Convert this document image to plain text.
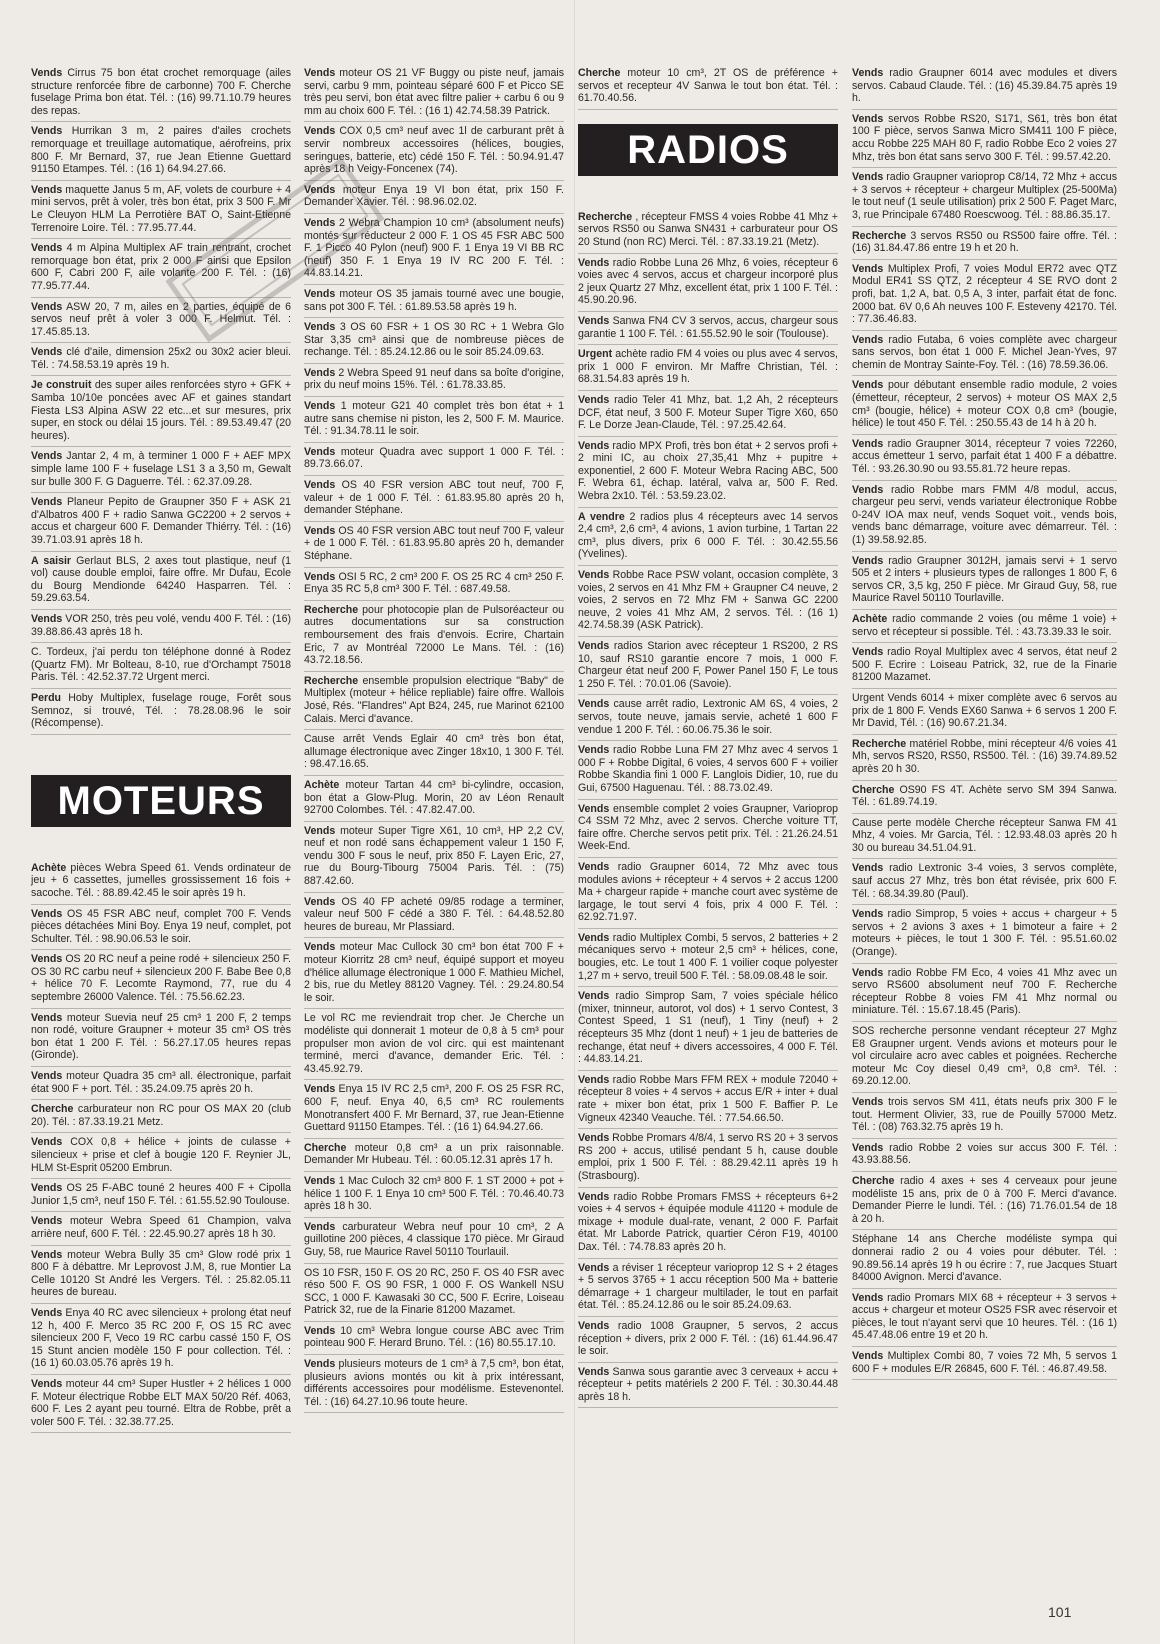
Vends Cirrus 75 bon état crochet remorquage (ailes structure renforcée fibre de carbonne) 700 F. Cherche fuselage Prima bon état. Tél. : (16) 99.71.10.79 heures des repas.
Vends Hurrikan 3 m, 2 paires d'ailes crochets remorquage et treuillage automatique, aérofreins, prix 800 F. Mr Bernard, 37, rue Jean Etienne Guettard 91150 Etampes. Tél. : (16 1) 64.94.27.66.
Vends maquette Janus 5 m, AF, volets de courbure + 4 mini servos, prêt à voler, très bon état, prix 3 500 F. Mr Le Cleuyon HLM La Perrotière BAT O, Saint-Etienne Terrenoire Loire. Tél. : 77.95.77.44.
Vends 4 m Alpina Multiplex AF train rentrant, crochet remorquage bon état, prix 2 000 F ainsi que Epsilon 600 F, Cabri 200 F, aile volante 200 F. Tél. : (16) 77.95.77.44.
Vends ASW 20, 7 m, ailes en 2 parties, équipé de 6 servos neuf prêt à voler 3 000 F. Helmut. Tél. : 17.45.85.13.
Vends clé d'aile, dimension 25x2 ou 30x2 acier bleui. Tél. : 74.58.53.19 après 19 h.
Je construit des super ailes renforcées styro + GFK + Samba 10/10e poncées avec AF et gaines standart Fiesta LS3 Alpina ASW 22 etc...et sur mesures, prix super, en stock ou délai 15 jours. Tél. : 89.53.49.47 (20 heures).
Vends Jantar 2, 4 m, à terminer 1 000 F + AEF MPX simple lame 100 F + fuselage LS1 3 a 3,50 m, Gewalt sur bulle 300 F. G Daguerre. Tél. : 62.37.09.28.
Vends Planeur Pepito de Graupner 350 F + ASK 21 d'Albatros 400 F + radio Sanwa GC2200 + 2 servos + accus et chargeur 600 F. Demander Thiérry. Tél. : (16) 39.71.03.91 après 18 h.
A saisir Gerlaut BLS, 2 axes tout plastique, neuf (1 vol) cause double emploi, faire offre. Mr Dufau, Ecole du Bourg Mendionde 64240 Hasparren. Tél. : 59.29.63.54.
Vends VOR 250, très peu volé, vendu 400 F. Tél. : (16) 39.88.86.43 après 18 h.
C. Tordeux, j'ai perdu ton téléphone donné à Rodez (Quartz FM). Mr Bolteau, 8-10, rue d'Orchampt 75018 Paris. Tél. : 42.52.37.72 Urgent merci.
Perdu Hoby Multiplex, fuselage rouge, Forêt sous Semnoz, si trouvé, Tél. : 78.28.08.96 le soir (Récompense).
MOTEURS
Achète pièces Webra Speed 61. Vends ordinateur de jeu + 6 cassettes, jumelles grossissement 16 fois + sacoche. Tél. : 88.89.42.45 le soir après 19 h.
Vends OS 45 FSR ABC neuf, complet 700 F. Vends pièces détachées Mini Boy. Enya 19 neuf, complet, pot Schulter. Tél. : 98.90.06.53 le soir.
Vends OS 20 RC neuf a peine rodé + silencieux 250 F. OS 30 RC carbu neuf + silencieux 200 F. Babe Bee 0,8 + hélice 70 F. Lecomte Raymond, 77, rue du 4 septembre 26000 Valence. Tél. : 75.56.62.23.
Vends moteur Suevia neuf 25 cm³ 1 200 F, 2 temps non rodé, voiture Graupner + moteur 35 cm³ OS très bon état 1 200 F. Tél. : 56.27.17.05 heures repas (Gironde).
Vends moteur Quadra 35 cm³ all. électronique, parfait état 900 F + port. Tél. : 35.24.09.75 après 20 h.
Cherche carburateur non RC pour OS MAX 20 (club 20). Tél. : 87.33.19.21 Metz.
Vends COX 0,8 + hélice + joints de culasse + silencieux + prise et clef à bougie 120 F. Reynier JL, HLM St-Esprit 05200 Embrun.
Vends OS 25 F-ABC touné 2 heures 400 F + Cipolla Junior 1,5 cm³, neuf 150 F. Tél. : 61.55.52.90 Toulouse.
Vends moteur Webra Speed 61 Champion, valva arrière neuf, 600 F. Tél. : 22.45.90.27 après 18 h 30.
Vends moteur Webra Bully 35 cm³ Glow rodé prix 1 800 F à débattre. Mr Leprovost J.M, 8, rue Montier La Celle 10120 St André les Vergers. Tél. : 25.82.05.11 heures de bureau.
Vends Enya 40 RC avec silencieux + prolong état neuf 12 h, 400 F. Merco 35 RC 200 F, OS 15 RC avec silencieux 200 F, Veco 19 RC carbu cassé 150 F, OS 15 Stunt ancien modèle 150 F pour collection. Tél. : (16 1) 60.03.05.76 après 19 h.
Vends moteur 44 cm³ Super Hustler + 2 hélices 1 000 F. Moteur électrique Robbe ELT MAX 50/20 Réf. 4063, 600 F. Les 2 ayant peu tourné. Eltra de Robbe, prêt a voler 500 F. Tél. : 32.38.77.25.
Vends moteur OS 21 VF Buggy ou piste neuf, jamais servi, carbu 9 mm, pointeau séparé 600 F et Picco SE très peu servi, bon état avec filtre palier + carbu 6 ou 9 mm au choix 600 F. Tél. : (16 1) 42.74.58.39 Patrick.
Vends COX 0,5 cm³ neuf avec 1l de carburant prêt à servir nombreux accessoires (hélices, bougies, seringues, batterie, etc) cédé 150 F. Tél. : 50.94.91.47 après 18 h Veigy-Foncenex (74).
Vends moteur Enya 19 VI bon état, prix 150 F. Demander Xavier. Tél. : 98.96.02.02.
Vends 2 Webra Champion 10 cm³ (absolument neufs) montés sur réducteur 2 000 F. 1 OS 45 FSR ABC 500 F. 1 Picco 40 Pylon (neuf) 900 F. 1 Enya 19 VI BB RC (neuf) 350 F. 1 Enya 19 IV RC 200 F. Tél. : 44.83.14.21.
Vends moteur OS 35 jamais tourné avec une bougie, sans pot 300 F. Tél. : 61.89.53.58 après 19 h.
Vends 3 OS 60 FSR + 1 OS 30 RC + 1 Webra Glo Star 3,35 cm³ ainsi que de nombreuse pièces de rechange. Tél. : 85.24.12.86 ou le soir 85.24.09.63.
Vends 2 Webra Speed 91 neuf dans sa boîte d'origine, prix du neuf moins 15%. Tél. : 61.78.33.85.
Vends 1 moteur G21 40 complet très bon état + 1 autre sans chemise ni piston, les 2, 500 F. M. Maurice. Tél. : 91.34.78.11 le soir.
Vends moteur Quadra avec support 1 000 F. Tél. : 89.73.66.07.
Vends OS 40 FSR version ABC tout neuf, 700 F, valeur + de 1 000 F. Tél. : 61.83.95.80 après 20 h, demander Stéphane.
Vends OS 40 FSR version ABC tout neuf 700 F, valeur + de 1 000 F. Tél. : 61.83.95.80 après 20 h, demander Stéphane.
Vends OSI 5 RC, 2 cm³ 200 F. OS 25 RC 4 cm³ 250 F. Enya 35 RC 5,8 cm³ 300 F. Tél. : 687.49.58.
Recherche pour photocopie plan de Pulsoréacteur ou autres documentations sur sa construction remboursement des frais d'envois. Ecrire, Chartain Eric, 7 av Montréal 72000 Le Mans. Tél. : (16) 43.72.18.56.
Recherche ensemble propulsion electrique "Baby" de Multiplex (moteur + hélice repliable) faire offre. Wallois José, Rés. "Flandres" Apt B24, 245, rue Marinot 62100 Calais. Merci d'avance.
Cause arrêt Vends Eglair 40 cm³ très bon état, allumage électronique avec Zinger 18x10, 1 300 F. Tél. : 98.47.16.65.
Achète moteur Tartan 44 cm³ bi-cylindre, occasion, bon état a Glow-Plug. Morin, 20 av Léon Renault 92700 Colombes. Tél. : 47.82.47.00.
Vends moteur Super Tigre X61, 10 cm³, HP 2,2 CV, neuf et non rodé sans échappement valeur 1 150 F, vendu 300 F sous le neuf, prix 850 F. Layen Eric, 27, rue du Bourg-Tibourg 75004 Paris. Tél. : (75) 887.42.60.
Vends OS 40 FP acheté 09/85 rodage a terminer, valeur neuf 500 F cédé a 380 F. Tél. : 64.48.52.80 heures de bureau, Mr Plassiard.
Vends moteur Mac Cullock 30 cm³ bon état 700 F + moteur Kiorritz 28 cm³ neuf, équipé support et moyeu d'hélice allumage électronique 1 000 F. Mathieu Michel, 2 bis, rue du Metley 88120 Vagney. Tél. : 29.24.80.54 le soir.
Le vol RC me reviendrait trop cher. Je Cherche un modéliste qui donnerait 1 moteur de 0,8 à 5 cm³ pour propulser mon avion de vol circ. qui est maintenant terminé, merci d'avance, demander Eric. Tél. : 43.45.92.79.
Vends Enya 15 IV RC 2,5 cm³, 200 F. OS 25 FSR RC, 600 F, neuf. Enya 40, 6,5 cm³ RC roulements Monotransfert 400 F. Mr Bernard, 37, rue Jean-Etienne Guettard 91150 Etampes. Tél. : (16 1) 64.94.27.66.
Cherche moteur 0,8 cm³ a un prix raisonnable. Demander Mr Hubeau. Tél. : 60.05.12.31 après 17 h.
Vends 1 Mac Culoch 32 cm³ 800 F. 1 ST 2000 + pot + hélice 1 100 F. 1 Enya 10 cm³ 500 F. Tél. : 70.46.40.73 après 18 h 30.
Vends carburateur Webra neuf pour 10 cm³, 2 A guillotine 200 pièces, 4 classique 170 pièce. Mr Giraud Guy, 58, rue Maurice Ravel 50110 Tourlauil.
OS 10 FSR, 150 F. OS 20 RC, 250 F. OS 40 FSR avec réso 500 F. OS 90 FSR, 1 000 F. OS Wankell NSU SCC, 1 000 F. Kawasaki 30 CC, 500 F. Ecrire, Loiseau Patrick 32, rue de la Finarie 81200 Mazamet.
Vends 10 cm³ Webra longue course ABC avec Trim pointeau 900 F. Herard Bruno. Tél. : (16) 80.55.17.10.
Vends plusieurs moteurs de 1 cm³ à 7,5 cm³, bon état, plusieurs avions montés ou kit à prix intéressant, différents accessoires pour modélisme. Estevenontel. Tél. : (16) 64.27.10.96 toute heure.
Cherche moteur 10 cm³, 2T OS de préférence + servos et recepteur 4V Sanwa le tout bon état. Tél. : 61.70.40.56.
RADIOS
Recherche , récepteur FMSS 4 voies Robbe 41 Mhz + servos RS50 ou Sanwa SN431 + carburateur pour OS 20 Stund (non RC) Merci. Tél. : 87.33.19.21 (Metz).
Vends radio Robbe Luna 26 Mhz, 6 voies, récepteur 6 voies avec 4 servos, accus et chargeur incorporé plus 2 jeux Quartz 27 Mhz, excellent état, prix 1 100 F. Tél. : 45.90.20.96.
Vends Sanwa FN4 CV 3 servos, accus, chargeur sous garantie 1 100 F. Tél. : 61.55.52.90 le soir (Toulouse).
Urgent achète radio FM 4 voies ou plus avec 4 servos, prix 1 000 F environ. Mr Maffre Christian, Tél. : 68.31.54.83 après 19 h.
Vends radio Teler 41 Mhz, bat. 1,2 Ah, 2 récepteurs DCF, état neuf, 3 500 F. Moteur Super Tigre X60, 650 F. Le Dorze Jean-Claude, Tél. : 97.25.42.64.
Vends radio MPX Profi, très bon état + 2 servos profi + 2 mini IC, au choix 27,35,41 Mhz + pupitre + exponentiel, 2 600 F. Moteur Webra Racing ABC, 500 F. Webra 61, échap. latéral, valva ar, 500 F. Red. Webra 2x10. Tél. : 53.59.23.02.
A vendre 2 radios plus 4 récepteurs avec 14 servos 2,4 cm³, 2,6 cm³, 4 avions, 1 avion turbine, 1 Tartan 22 cm³, plus divers, prix 6 000 F. Tél. : 30.42.55.56 (Yvelines).
Vends Robbe Race PSW volant, occasion complète, 3 voies, 2 servos en 41 Mhz FM + Graupner C4 neuve, 2 voies, 2 servos en 72 Mhz FM + Sanwa GC 2200 neuve, 2 voies 41 Mhz AM, 2 servos. Tél. : (16 1) 42.74.58.39 (ASK Patrick).
Vends radios Starion avec récepteur 1 RS200, 2 RS 10, sauf RS10 garantie encore 7 mois, 1 000 F. Chargeur état neuf 200 F, Power Panel 150 F, Le tous 1 250 F. Tél. : 70.01.06 (Savoie).
Vends cause arrêt radio, Lextronic AM 6S, 4 voies, 2 servos, toute neuve, jamais servie, acheté 1 600 F vendue 1 200 F. Tél. : 60.06.75.36 le soir.
Vends radio Robbe Luna FM 27 Mhz avec 4 servos 1 000 F + Robbe Digital, 6 voies, 4 servos 600 F + voilier Robbe Skandia fini 1 000 F. Langlois Didier, 10, rue du Gui, 67500 Haguenau. Tél. : 88.73.02.49.
Vends ensemble complet 2 voies Graupner, Varioprop C4 SSM 72 Mhz, avec 2 servos. Cherche voiture TT, faire offre. Cherche servos petit prix. Tél. : 21.26.24.51 Week-End.
Vends radio Graupner 6014, 72 Mhz avec tous modules avions + récepteur + 4 servos + 2 accus 1200 Ma + chargeur rapide + manche court avec système de largage, le tout servi 4 fois, prix 4 000 F. Tél. : 62.92.71.97.
Vends radio Multiplex Combi, 5 servos, 2 batteries + 2 mécaniques servo + moteur 2,5 cm³ + hélices, cone, bougies, etc. Le tout 1 400 F. 1 voilier coque polyester 1,27 m + servo, treuil 500 F. Tél. : 58.09.08.48 le soir.
Vends radio Simprop Sam, 7 voies spéciale hélico (mixer, tninneur, autorot, vol dos) + 1 servo Contest, 3 Contest Speed, 1 S1 (neuf), 1 Tiny (neuf) + 2 récepteurs 35 Mhz (dont 1 neuf) + 1 jeu de batteries de rechange, état neuf + divers accessoires, 4 000 F. Tél. : 44.83.14.21.
Vends radio Robbe Mars FFM REX + module 72040 + récepteur 8 voies + 4 servos + accus E/R + inter + dual rate + mixer bon état, prix 1 500 F. Baffier P. Le Vigneux 42340 Veauche. Tél. : 77.54.66.50.
Vends Robbe Promars 4/8/4, 1 servo RS 20 + 3 servos RS 200 + accus, utilisé pendant 5 h, cause double emploi, prix 1 500 F. Tél. : 88.29.42.11 après 19 h (Strasbourg).
Vends radio Robbe Promars FMSS + récepteurs 6+2 voies + 4 servos + équipée module 41120 + module de mixage + module dual-rate, venant, 2 000 F. Parfait état. Mr Laborde Patrick, quartier Céron F19, 40100 Dax. Tél. : 74.78.83 après 20 h.
Vends a réviser 1 récepteur varioprop 12 S + 2 étages + 5 servos 3765 + 1 accu réception 500 Ma + batterie démarrage + 1 chargeur multilader, le tout en parfait état. Tél. : 85.24.12.86 ou le soir 85.24.09.63.
Vends radio 1008 Graupner, 5 servos, 2 accus réception + divers, prix 2 000 F. Tél. : (16) 61.44.96.47 le soir.
Vends Sanwa sous garantie avec 3 cerveaux + accu + récepteur + petits matériels 2 200 F. Tél. : 30.30.44.48 après 18 h.
Vends radio Graupner 6014 avec modules et divers servos. Cabaud Claude. Tél. : (16) 45.39.84.75 après 19 h.
Vends servos Robbe RS20, S171, S61, très bon état 100 F pièce, servos Sanwa Micro SM411 100 F pièce, accu Robbe 225 MAH 80 F, radio Robbe Eco 2 voies 27 Mhz, très bon état sans servo 300 F. Tél. : 99.57.42.20.
Vends radio Graupner varioprop C8/14, 72 Mhz + accus + 3 servos + récepteur + chargeur Multiplex (25-500Ma) le tout neuf (1 seule utilisation) prix 2 500 F. Paget Marc, 3, rue Principale 67480 Roescwoog. Tél. : 88.86.35.17.
Recherche 3 servos RS50 ou RS500 faire offre. Tél. : (16) 31.84.47.86 entre 19 h et 20 h.
Vends Multiplex Profi, 7 voies Modul ER72 avec QTZ Modul ER41 SS QTZ, 2 récepteur 4 SE RVO dont 2 profi, bat. 1,2 A, bat. 0,5 A, 3 inter, parfait état de fonc. 2000 bat. 6V 0,6 Ah neuves 100 F. Esteveny 42170. Tél. : 77.36.46.83.
Vends radio Futaba, 6 voies complète avec chargeur sans servos, bon état 1 000 F. Michel Jean-Yves, 97 chemin de Montray Sainte-Foy. Tél. : (16) 78.59.36.06.
Vends pour débutant ensemble radio module, 2 voies (émetteur, récepteur, 2 servos) + moteur OS MAX 2,5 cm³ (bougie, hélice) + moteur COX 0,8 cm³ (bougie, hélice) le tout 450 F. Tél. : 250.55.43 de 14 h à 20 h.
Vends radio Graupner 3014, récepteur 7 voies 72260, accus émetteur 1 servo, parfait état 1 400 F a débattre. Tél. : 93.26.30.90 ou 93.55.81.72 heure repas.
Vends radio Robbe mars FMM 4/8 modul, accus, chargeur peu servi, vends variateur électronique Robbe 0-24V IOA max neuf, vends Soquet voit., vends bois, vends banc démarrage, voiture avec démarreur. Tél. : (1) 39.58.92.85.
Vends radio Graupner 3012H, jamais servi + 1 servo 505 et 2 inters + plusieurs types de rallonges 1 800 F, 6 servos CR, 3,5 kg, 250 F pièce. Mr Giraud Guy, 58, rue Maurice Ravel 50110 Tourlaville.
Achète radio commande 2 voies (ou même 1 voie) + servo et récepteur si possible. Tél. : 43.73.39.33 le soir.
Vends radio Royal Multiplex avec 4 servos, état neuf 2 500 F. Ecrire : Loiseau Patrick, 32, rue de la Finarie 81200 Mazamet.
Urgent Vends 6014 + mixer complète avec 6 servos au prix de 1 800 F. Vends EX60 Sanwa + 6 servos 1 200 F. Mr David, Tél. : (16) 90.67.21.34.
Recherche matériel Robbe, mini récepteur 4/6 voies 41 Mh, servos RS20, RS50, RS500. Tél. : (16) 39.74.89.52 après 20 h 30.
Cherche OS90 FS 4T. Achète servo SM 394 Sanwa. Tél. : 61.89.74.19.
Cause perte modèle Cherche récepteur Sanwa FM 41 Mhz, 4 voies. Mr Garcia, Tél. : 12.93.48.03 après 20 h 30 ou bureau 34.51.04.91.
Vends radio Lextronic 3-4 voies, 3 servos complète, sauf accus 27 Mhz, très bon état révisée, prix 600 F. Tél. : 68.34.39.80 (Paul).
Vends radio Simprop, 5 voies + accus + chargeur + 5 servos + 2 avions 3 axes + 1 bimoteur a faire + 2 moteurs + pièces, le tout 1 300 F. Tél. : 95.51.60.02 (Orange).
Vends radio Robbe FM Eco, 4 voies 41 Mhz avec un servo RS600 absolument neuf 700 F. Recherche récepteur Robbe 8 voies FM 41 Mhz normal ou miniature. Tél. : 15.67.18.45 (Paris).
SOS recherche personne vendant récepteur 27 Mghz E8 Graupner urgent. Vends avions et moteurs pour le vol circulaire acro avec cables et poignées. Recherche moteur Mc Coy diesel 0,49 cm³, 0,8 cm³. Tél. : 69.20.12.00.
Vends trois servos SM 411, états neufs prix 300 F le tout. Herment Olivier, 33, rue de Pouilly 57000 Metz. Tél. : (08) 763.32.75 après 19 h.
Vends radio Robbe 2 voies sur accus 300 F. Tél. : 43.93.88.56.
Cherche radio 4 axes + ses 4 cerveaux pour jeune modéliste 15 ans, prix de 0 à 700 F. Merci d'avance. Demander Pierre le lundi. Tél. : (16) 71.76.01.54 de 18 à 20 h.
Stéphane 14 ans Cherche modéliste sympa qui donnerai radio 2 ou 4 voies pour débuter. Tél. : 90.89.56.14 après 19 h ou écrire : 7, rue Jacques Stuart 84000 Avignon. Merci d'avance.
Vends radio Promars MIX 68 + récepteur + 3 servos + accus + chargeur et moteur OS25 FSR avec réservoir et pièces, le tout n'ayant servi que 10 heures. Tél. : (16 1) 45.47.48.06 entre 19 et 20 h.
Vends Multiplex Combi 80, 7 voies 72 Mh, 5 servos 1 600 F + modules E/R 26845, 600 F. Tél. : 46.87.49.58.
101
